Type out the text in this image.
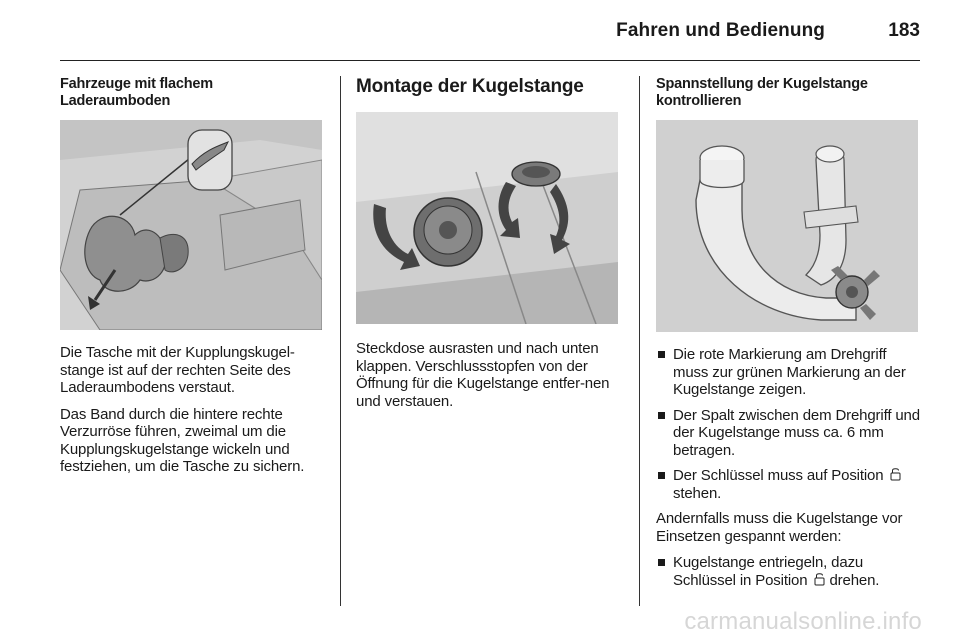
Fahren und Bedienung	183
Fahrzeuge mit flachem
Laderaumboden

Die Tasche mit der Kupplungskugel-stange ist auf der rechten Seite des Laderaumbodens verstaut.

Das Band durch die hintere rechte Verzurröse führen, zweimal um die Kupplungskugelstange wickeln und festziehen, um die Tasche zu sichern.

Montage der Kugelstange

Steckdose ausrasten und nach unten klappen. Verschlussstopfen von der Öffnung für die Kugelstange entfer-nen und verstauen.

Spannstellung der Kugelstange
kontrollieren
Die rote Markierung am Drehgriff muss zur grünen Markierung an der Kugelstange zeigen.
Der Spalt zwischen dem Drehgriff und der Kugelstange muss ca. 6 mm betragen.
Der Schlüssel muss auf Position
stehen.

Andernfalls muss die Kugelstange vor Einsetzen gespannt werden:

Kugelstange entriegeln, dazu Schlüssel in Position drehen.
carmanualsonline.info
